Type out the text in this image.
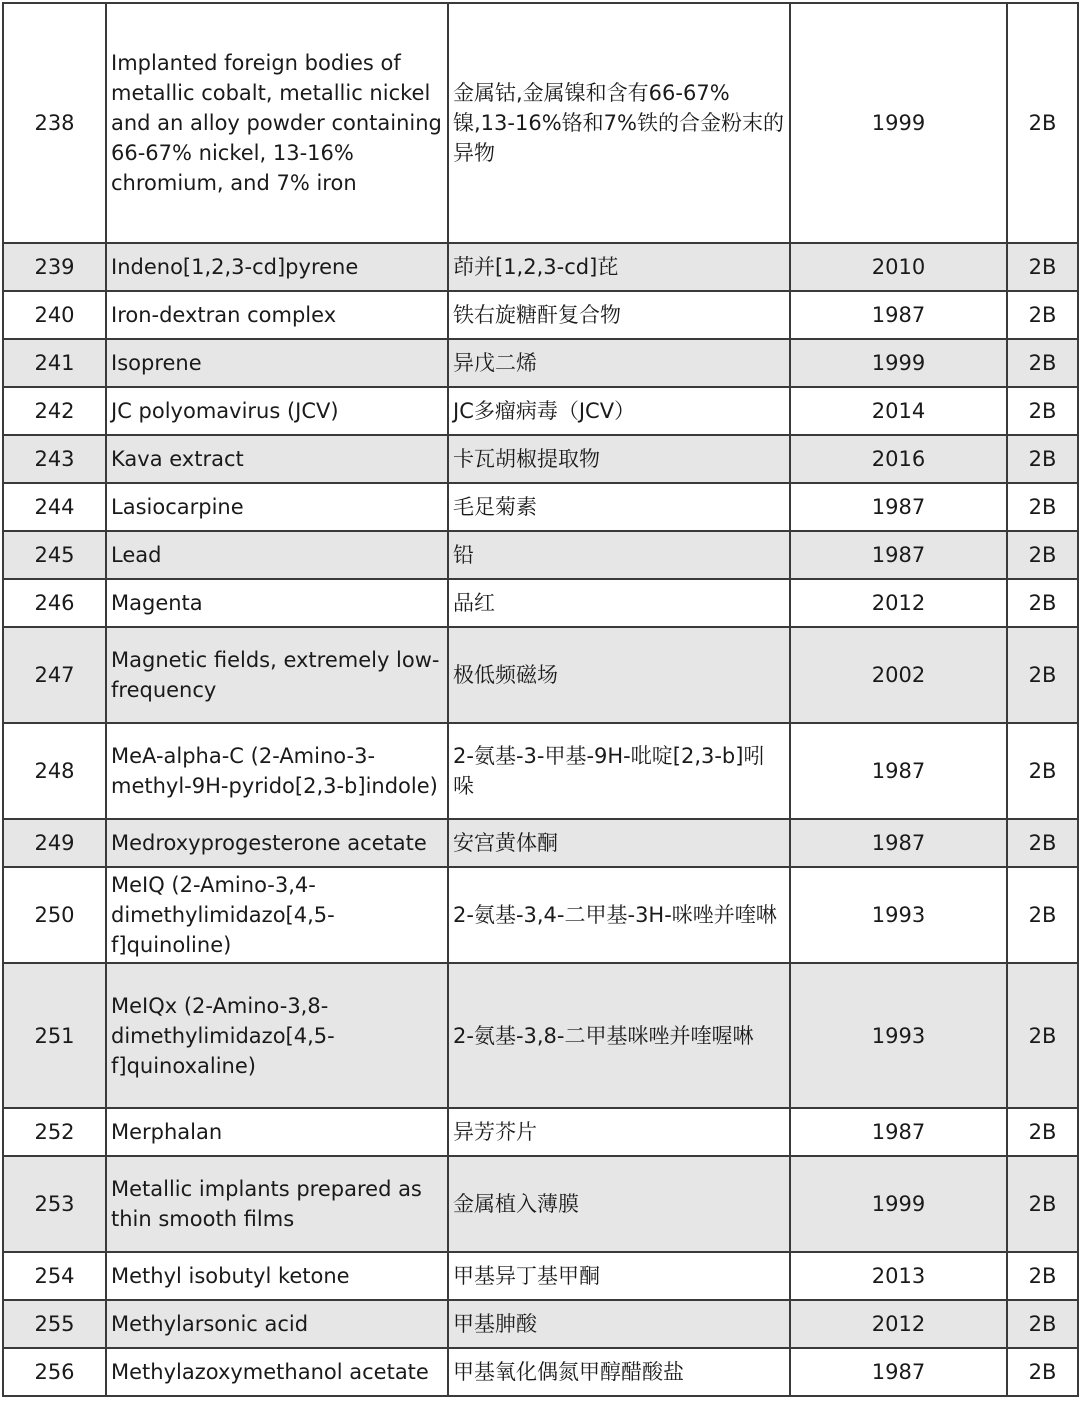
238	Implanted foreign bodies of metallic cobalt, metallic nickel and an alloy powder containing 66-67% nickel, 13-16% chromium, and 7% iron	金属钴,金属镍和含有66-67%镍,13-16%铬和7%铁的合金粉末的异物	1999	2B
239	Indeno[1,2,3-cd]pyrene	茚并[1,2,3-cd]芘	2010	2B
240	Iron-dextran complex	铁右旋糖酐复合物	1987	2B
241	Isoprene	异戊二烯	1999	2B
242	JC polyomavirus (JCV)	JC多瘤病毒（JCV）	2014	2B
243	Kava extract	卡瓦胡椒提取物	2016	2B
244	Lasiocarpine	毛足菊素	1987	2B
245	Lead	铅	1987	2B
246	Magenta	品红	2012	2B
247	Magnetic fields, extremely low-frequency	极低频磁场	2002	2B
248	MeA-alpha-C (2-Amino-3-methyl-9H-pyrido[2,3-b]indole)	2-氨基-3-甲基-9H-吡啶[2,3-b]吲哚	1987	2B
249	Medroxyprogesterone acetate	安宫黄体酮	1987	2B
250	MeIQ (2-Amino-3,4-dimethylimidazo[4,5-f]quinoline)	2-氨基-3,4-二甲基-3H-咪唑并喹啉	1993	2B
251	MeIQx (2-Amino-3,8-dimethylimidazo[4,5-f]quinoxaline)	2-氨基-3,8-二甲基咪唑并喹喔啉	1993	2B
252	Merphalan	异芳芥片	1987	2B
253	Metallic implants prepared as thin smooth films	金属植入薄膜	1999	2B
254	Methyl isobutyl ketone	甲基异丁基甲酮	2013	2B
255	Methylarsonic acid	甲基胂酸	2012	2B
256	Methylazoxymethanol acetate	甲基氧化偶氮甲醇醋酸盐	1987	2B
